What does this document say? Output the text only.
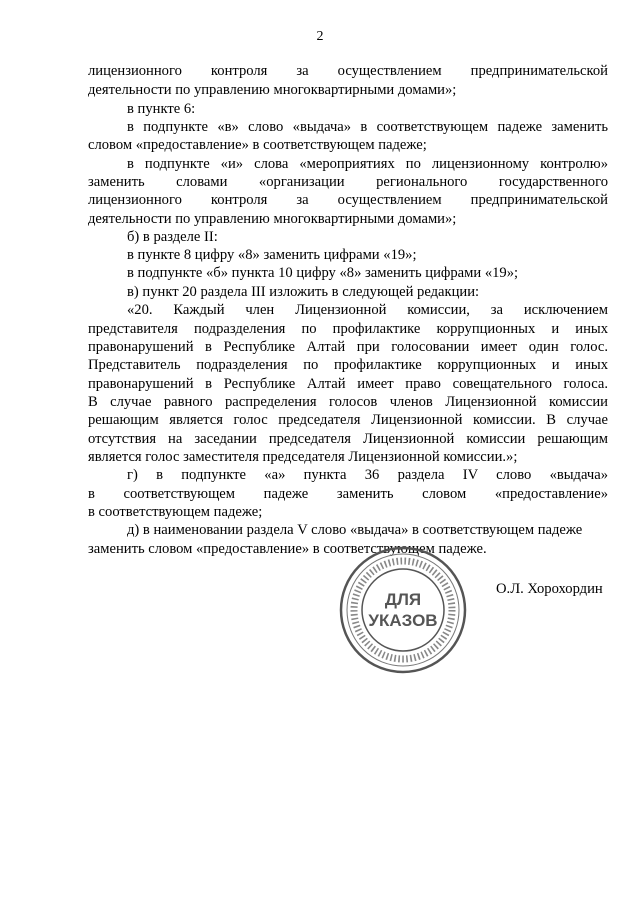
2
лицензионного контроля за осуществлением предпринимательской
деятельности по управлению многоквартирными домами»;
в пункте 6:
в подпункте «в» слово «выдача» в соответствующем падеже заменить
словом «предоставление» в соответствующем падеже;
в подпункте «и» слова «мероприятиях по лицензионному контролю»
заменить словами «организации регионального государственного
лицензионного контроля за осуществлением предпринимательской
деятельности по управлению многоквартирными домами»;
б) в разделе II:
в пункте 8 цифру «8» заменить цифрами «19»;
в подпункте «б» пункта 10 цифру «8» заменить цифрами «19»;
в) пункт 20 раздела III изложить в следующей редакции:
«20. Каждый член Лицензионной комиссии, за исключением
представителя подразделения по профилактике коррупционных и иных
правонарушений в Республике Алтай при голосовании имеет один голос.
Представитель подразделения по профилактике коррупционных и иных
правонарушений в Республике Алтай имеет право совещательного голоса.
В случае равного распределения голосов членов Лицензионной комиссии
решающим является голос председателя Лицензионной комиссии. В случае
отсутствия на заседании председателя Лицензионной комиссии решающим
является голос заместителя председателя Лицензионной комиссии.»;
г) в подпункте «а» пункта 36 раздела IV слово «выдача»
в соответствующем падеже заменить словом «предоставление»
в соответствующем падеже;
д) в наименовании раздела V слово «выдача» в соответствующем падеже
заменить словом «предоставление» в соответствующем падеже.
ДЛЯ
УКАЗОВ
О.Л. Хорохордин
